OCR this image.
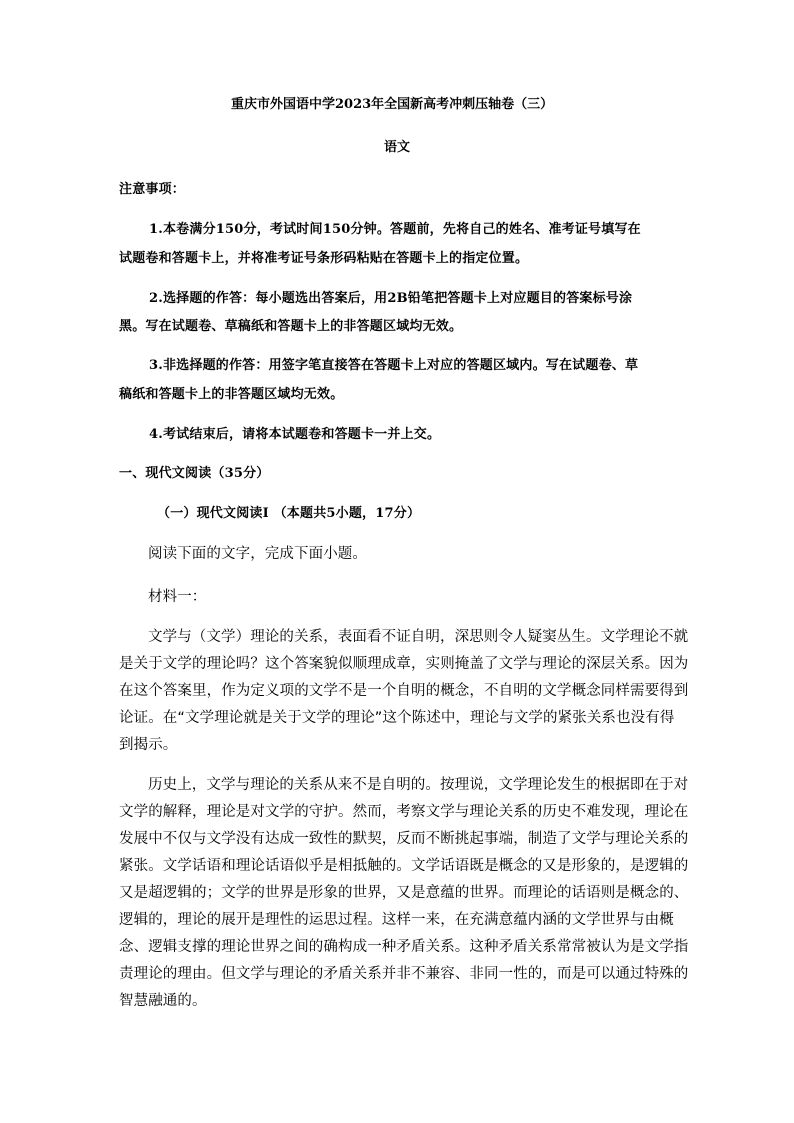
重庆市外国语中学2023年全国新高考冲刺压轴卷（三）
语文
注意事项：
1.本卷满分150分，考试时间150分钟。答题前，先将自己的姓名、准考证号填写在
试题卷和答题卡上，并将准考证号条形码粘贴在答题卡上的指定位置。
2.选择题的作答：每小题选出答案后，用2B铅笔把答题卡上对应题目的答案标号涂
黑。写在试题卷、草稿纸和答题卡上的非答题区域均无效。
3.非选择题的作答：用签字笔直接答在答题卡上对应的答题区域内。写在试题卷、草
稿纸和答题卡上的非答题区域均无效。
4.考试结束后，请将本试题卷和答题卡一并上交。
一、现代文阅读（35分）
（一）现代文阅读Ⅰ （本题共5小题，17分）
阅读下面的文字，完成下面小题。
材料一：
文学与（文学）理论的关系，表面看不证自明，深思则令人疑窦丛生。文学理论不就
是关于文学的理论吗？这个答案貌似顺理成章，实则掩盖了文学与理论的深层关系。因为
在这个答案里，作为定义项的文学不是一个自明的概念，不自明的文学概念同样需要得到
论证。在“文学理论就是关于文学的理论”这个陈述中，理论与文学的紧张关系也没有得
到揭示。
历史上，文学与理论的关系从来不是自明的。按理说，文学理论发生的根据即在于对
文学的解释，理论是对文学的守护。然而，考察文学与理论关系的历史不难发现，理论在
发展中不仅与文学没有达成一致性的默契，反而不断挑起事端，制造了文学与理论关系的
紧张。文学话语和理论话语似乎是相抵触的。文学话语既是概念的又是形象的，是逻辑的
又是超逻辑的；文学的世界是形象的世界，又是意蕴的世界。而理论的话语则是概念的、
逻辑的，理论的展开是理性的运思过程。这样一来，在充满意蕴内涵的文学世界与由概
念、逻辑支撑的理论世界之间的确构成一种矛盾关系。这种矛盾关系常常被认为是文学指
责理论的理由。但文学与理论的矛盾关系并非不兼容、非同一性的，而是可以通过特殊的
智慧融通的。
